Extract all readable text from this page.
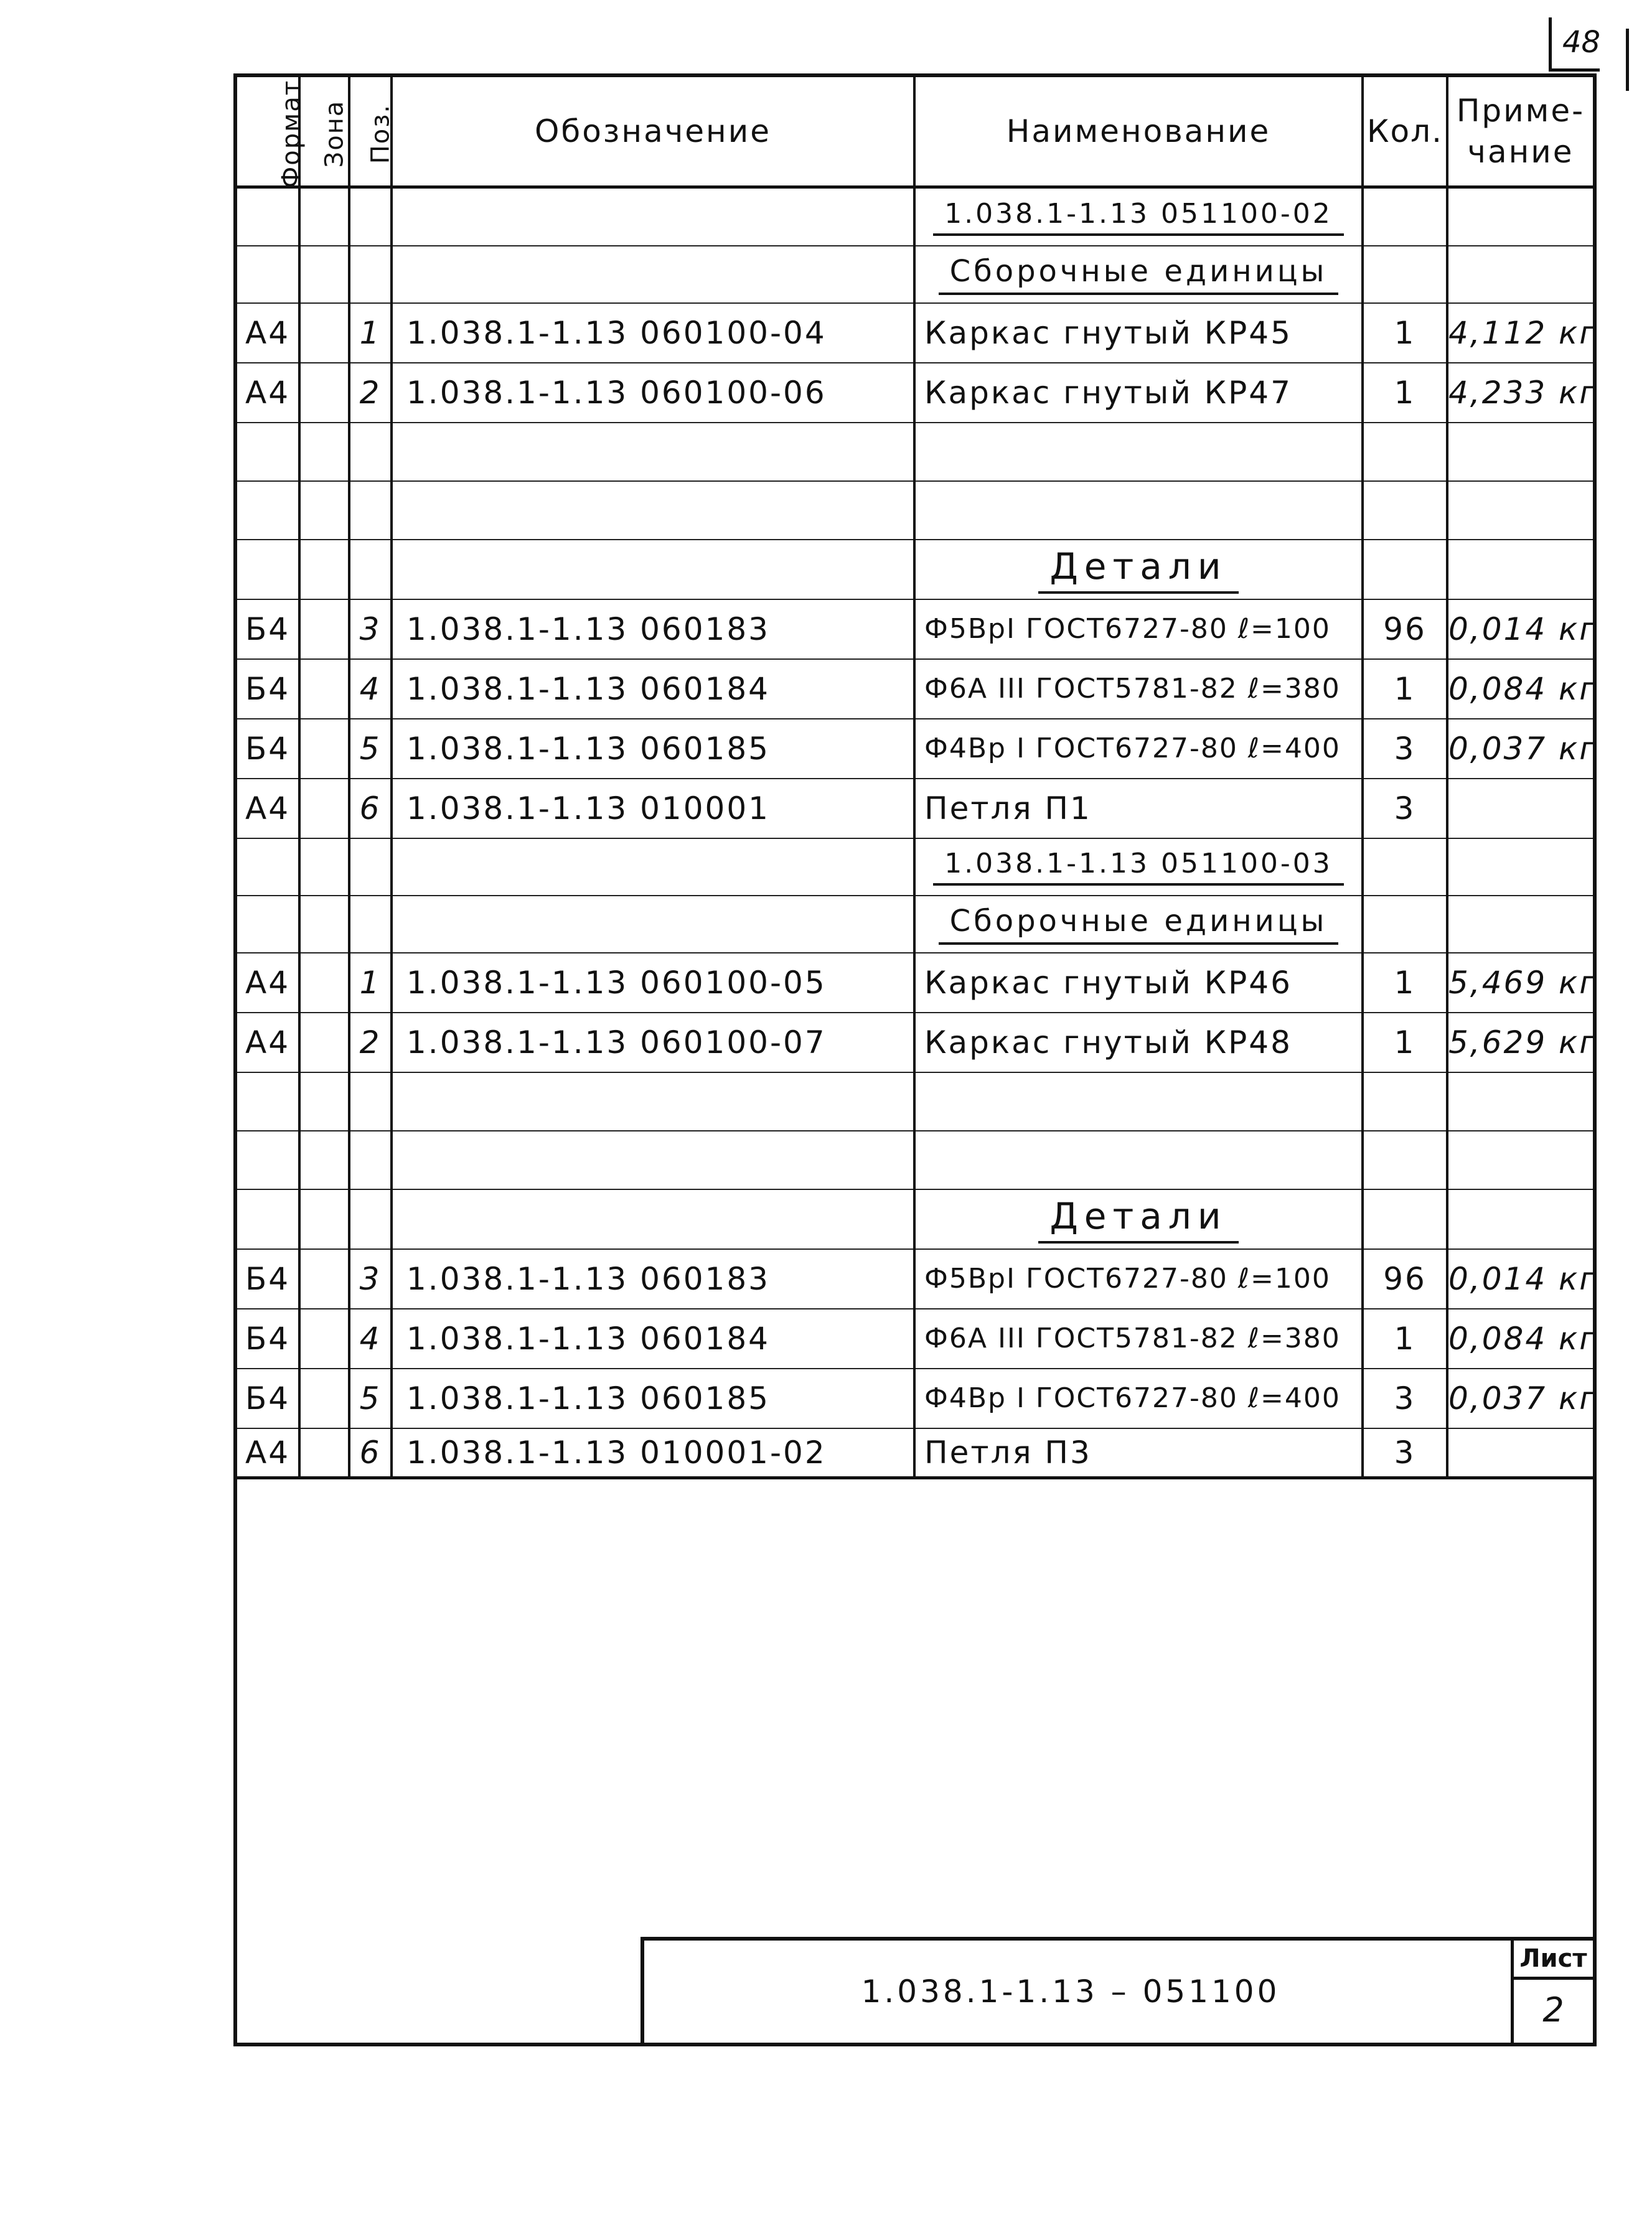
48
Формат	Зона	Поз.	Обозначение	Наименование	Кол.	Приме-
чание

				1.038.1-1.13 051100-02		
				Сборочные единицы		
А4		1	1.038.1-1.13 060100-04	Каркас гнутый КР45	1	4,112 кг
А4		2	1.038.1-1.13 060100-06	Каркас гнутый КР47	1	4,233 кг

				Детали		
Б4		3	1.038.1-1.13 060183	Ф5ВрI ГОСТ6727-80 ℓ=100	96	0,014 кг
Б4		4	1.038.1-1.13 060184	Ф6А III ГОСТ5781-82 ℓ=380	1	0,084 кг
Б4		5	1.038.1-1.13 060185	Ф4Вр I ГОСТ6727-80 ℓ=400	3	0,037 кг
А4		6	1.038.1-1.13 010001	Петля П1	3	
				1.038.1-1.13 051100-03		
				Сборочные единицы		
А4		1	1.038.1-1.13 060100-05	Каркас гнутый КР46	1	5,469 кг
А4		2	1.038.1-1.13 060100-07	Каркас гнутый КР48	1	5,629 кг

				Детали		
Б4		3	1.038.1-1.13 060183	Ф5ВрI ГОСТ6727-80 ℓ=100	96	0,014 кг
Б4		4	1.038.1-1.13 060184	Ф6А III ГОСТ5781-82 ℓ=380	1	0,084 кг
Б4		5	1.038.1-1.13 060185	Ф4Вр I ГОСТ6727-80 ℓ=400	3	0,037 кг
А4		6	1.038.1-1.13 010001-02	Петля П3	3	
1.038.1-1.13 – 051100
Лист
2
